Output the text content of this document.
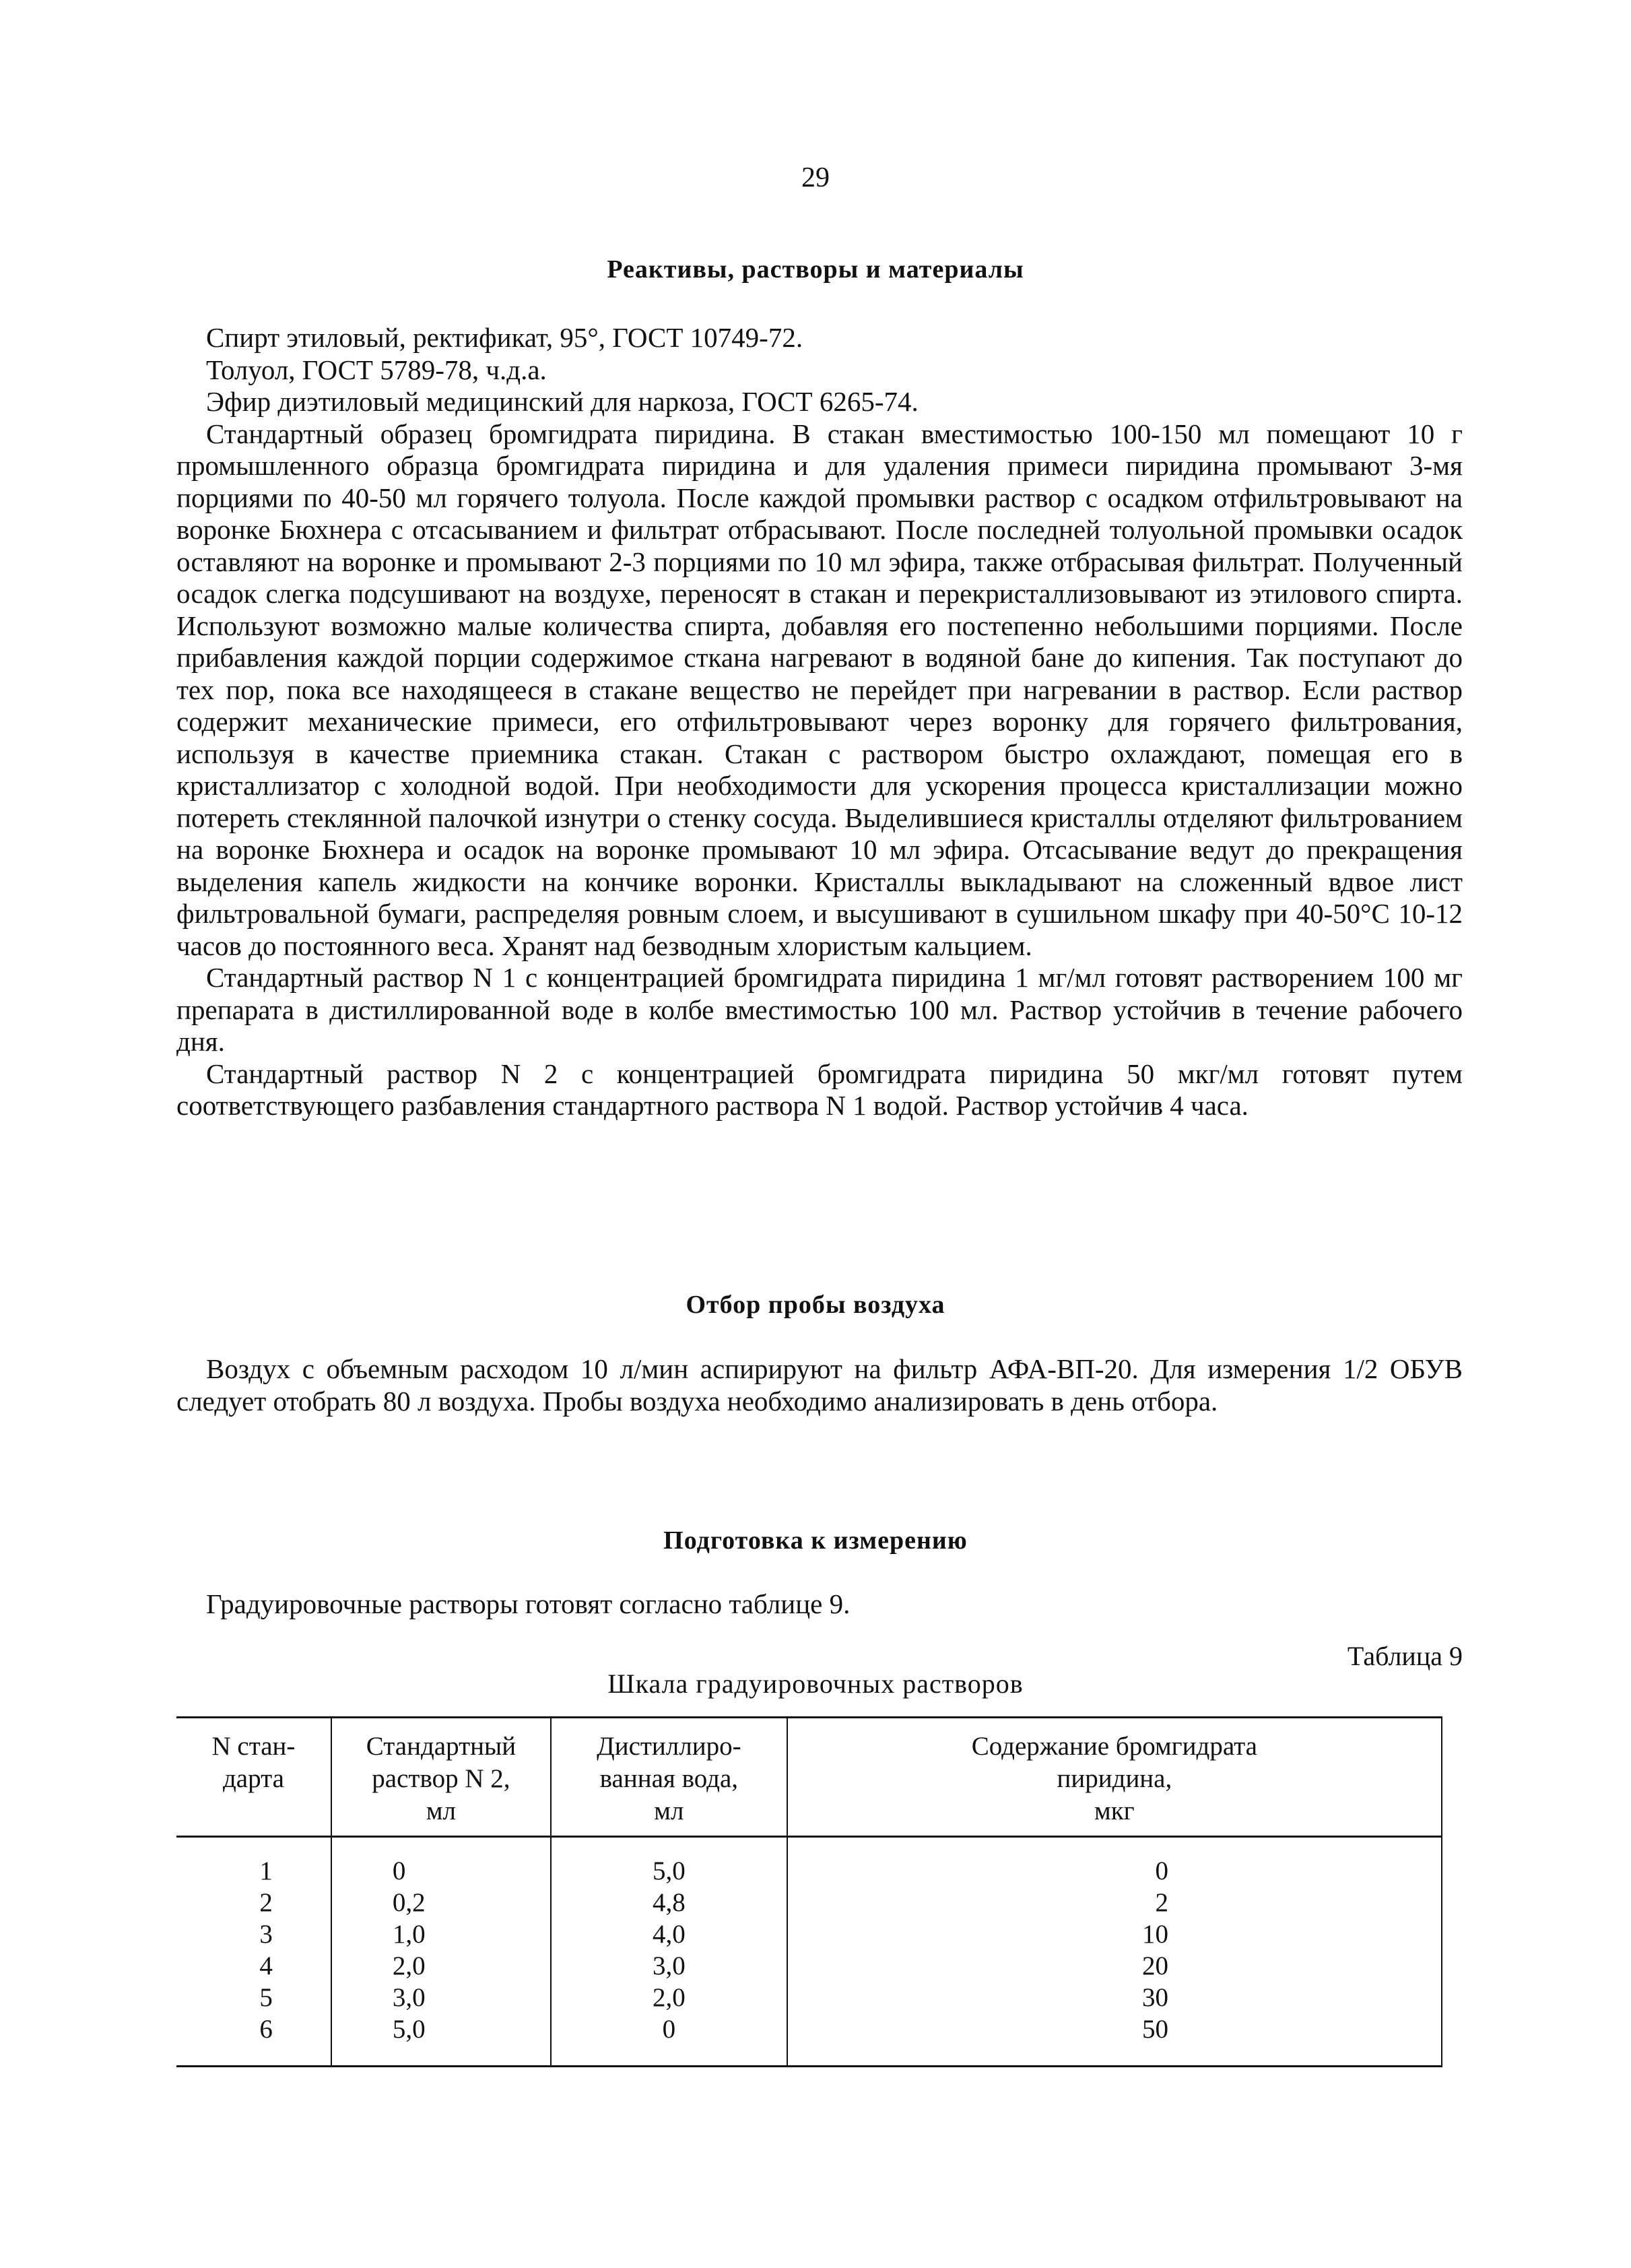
29
Реактивы, растворы и материалы

Спирт этиловый, ректификат, 95°, ГОСТ 10749-72.

Толуол, ГОСТ 5789-78, ч.д.а.

Эфир диэтиловый медицинский для наркоза, ГОСТ 6265-74.

Стандартный образец бромгидрата пиридина. В стакан вместимостью 100-150 мл помещают 10 г промышленного образца бромгидрата пиридина и для удаления примеси пиридина промывают 3-мя порциями по 40-50 мл горячего толуола. После каждой промывки раствор с осадком отфильтровывают на воронке Бюхнера с отсасыванием и фильтрат отбрасывают. После последней толуольной промывки осадок оставляют на воронке и промывают 2-3 порциями по 10 мл эфира, также отбрасывая фильтрат. Полученный осадок слегка подсушивают на воздухе, переносят в стакан и перекристаллизовывают из этилового спирта. Используют возможно малые количества спирта, добавляя его постепенно небольшими порциями. После прибавления каждой порции содержимое сткана нагревают в водяной бане до кипения. Так поступают до тех пор, пока все находящееся в стакане вещество не перейдет при нагревании в раствор. Если раствор содержит механические примеси, его отфильтровывают через воронку для горячего фильтрования, используя в качестве приемника стакан. Стакан с раствором быстро охлаждают, помещая его в кристаллизатор с холодной водой. При необходимости для ускорения процесса кристаллизации можно потереть стеклянной палочкой изнутри о стенку сосуда. Выделившиеся кристаллы отделяют фильтрованием на воронке Бюхнера и осадок на воронке промывают 10 мл эфира. Отсасывание ведут до прекращения выделения капель жидкости на кончике воронки. Кристаллы выкладывают на сложенный вдвое лист фильтровальной бумаги, распределяя ровным слоем, и высушивают в сушильном шкафу при 40-50°С 10-12 часов до постоянного веса. Хранят над безводным хлористым кальцием.

Стандартный раствор N 1 с концентрацией бромгидрата пиридина 1 мг/мл готовят растворением 100 мг препарата в дистиллированной воде в колбе вместимостью 100 мл. Раствор устойчив в течение рабочего дня.

Стандартный раствор N 2 с концентрацией бромгидрата пиридина 50 мкг/мл готовят путем соответствующего разбавления стандартного раствора N 1 водой. Раствор устойчив 4 часа.

Отбор пробы воздуха

Воздух с объемным расходом 10 л/мин аспирируют на фильтр АФА-ВП-20. Для измерения 1/2 ОБУВ следует отобрать 80 л воздуха. Пробы воздуха необходимо анализировать в день отбора.

Подготовка к измерению

Градуировочные растворы готовят согласно таблице 9.

Таблица 9
Шкала градуировочных растворов
N стан-
дарта	Стандартный
раствор N 2,
мл	Дистиллиро-
ванная вода,
мл	Содержание бромгидрата
пиридина,
мкг
1	0	5,0	0
2	0,2	4,8	2
3	1,0	4,0	10
4	2,0	3,0	20
5	3,0	2,0	30
6	5,0	0	50
